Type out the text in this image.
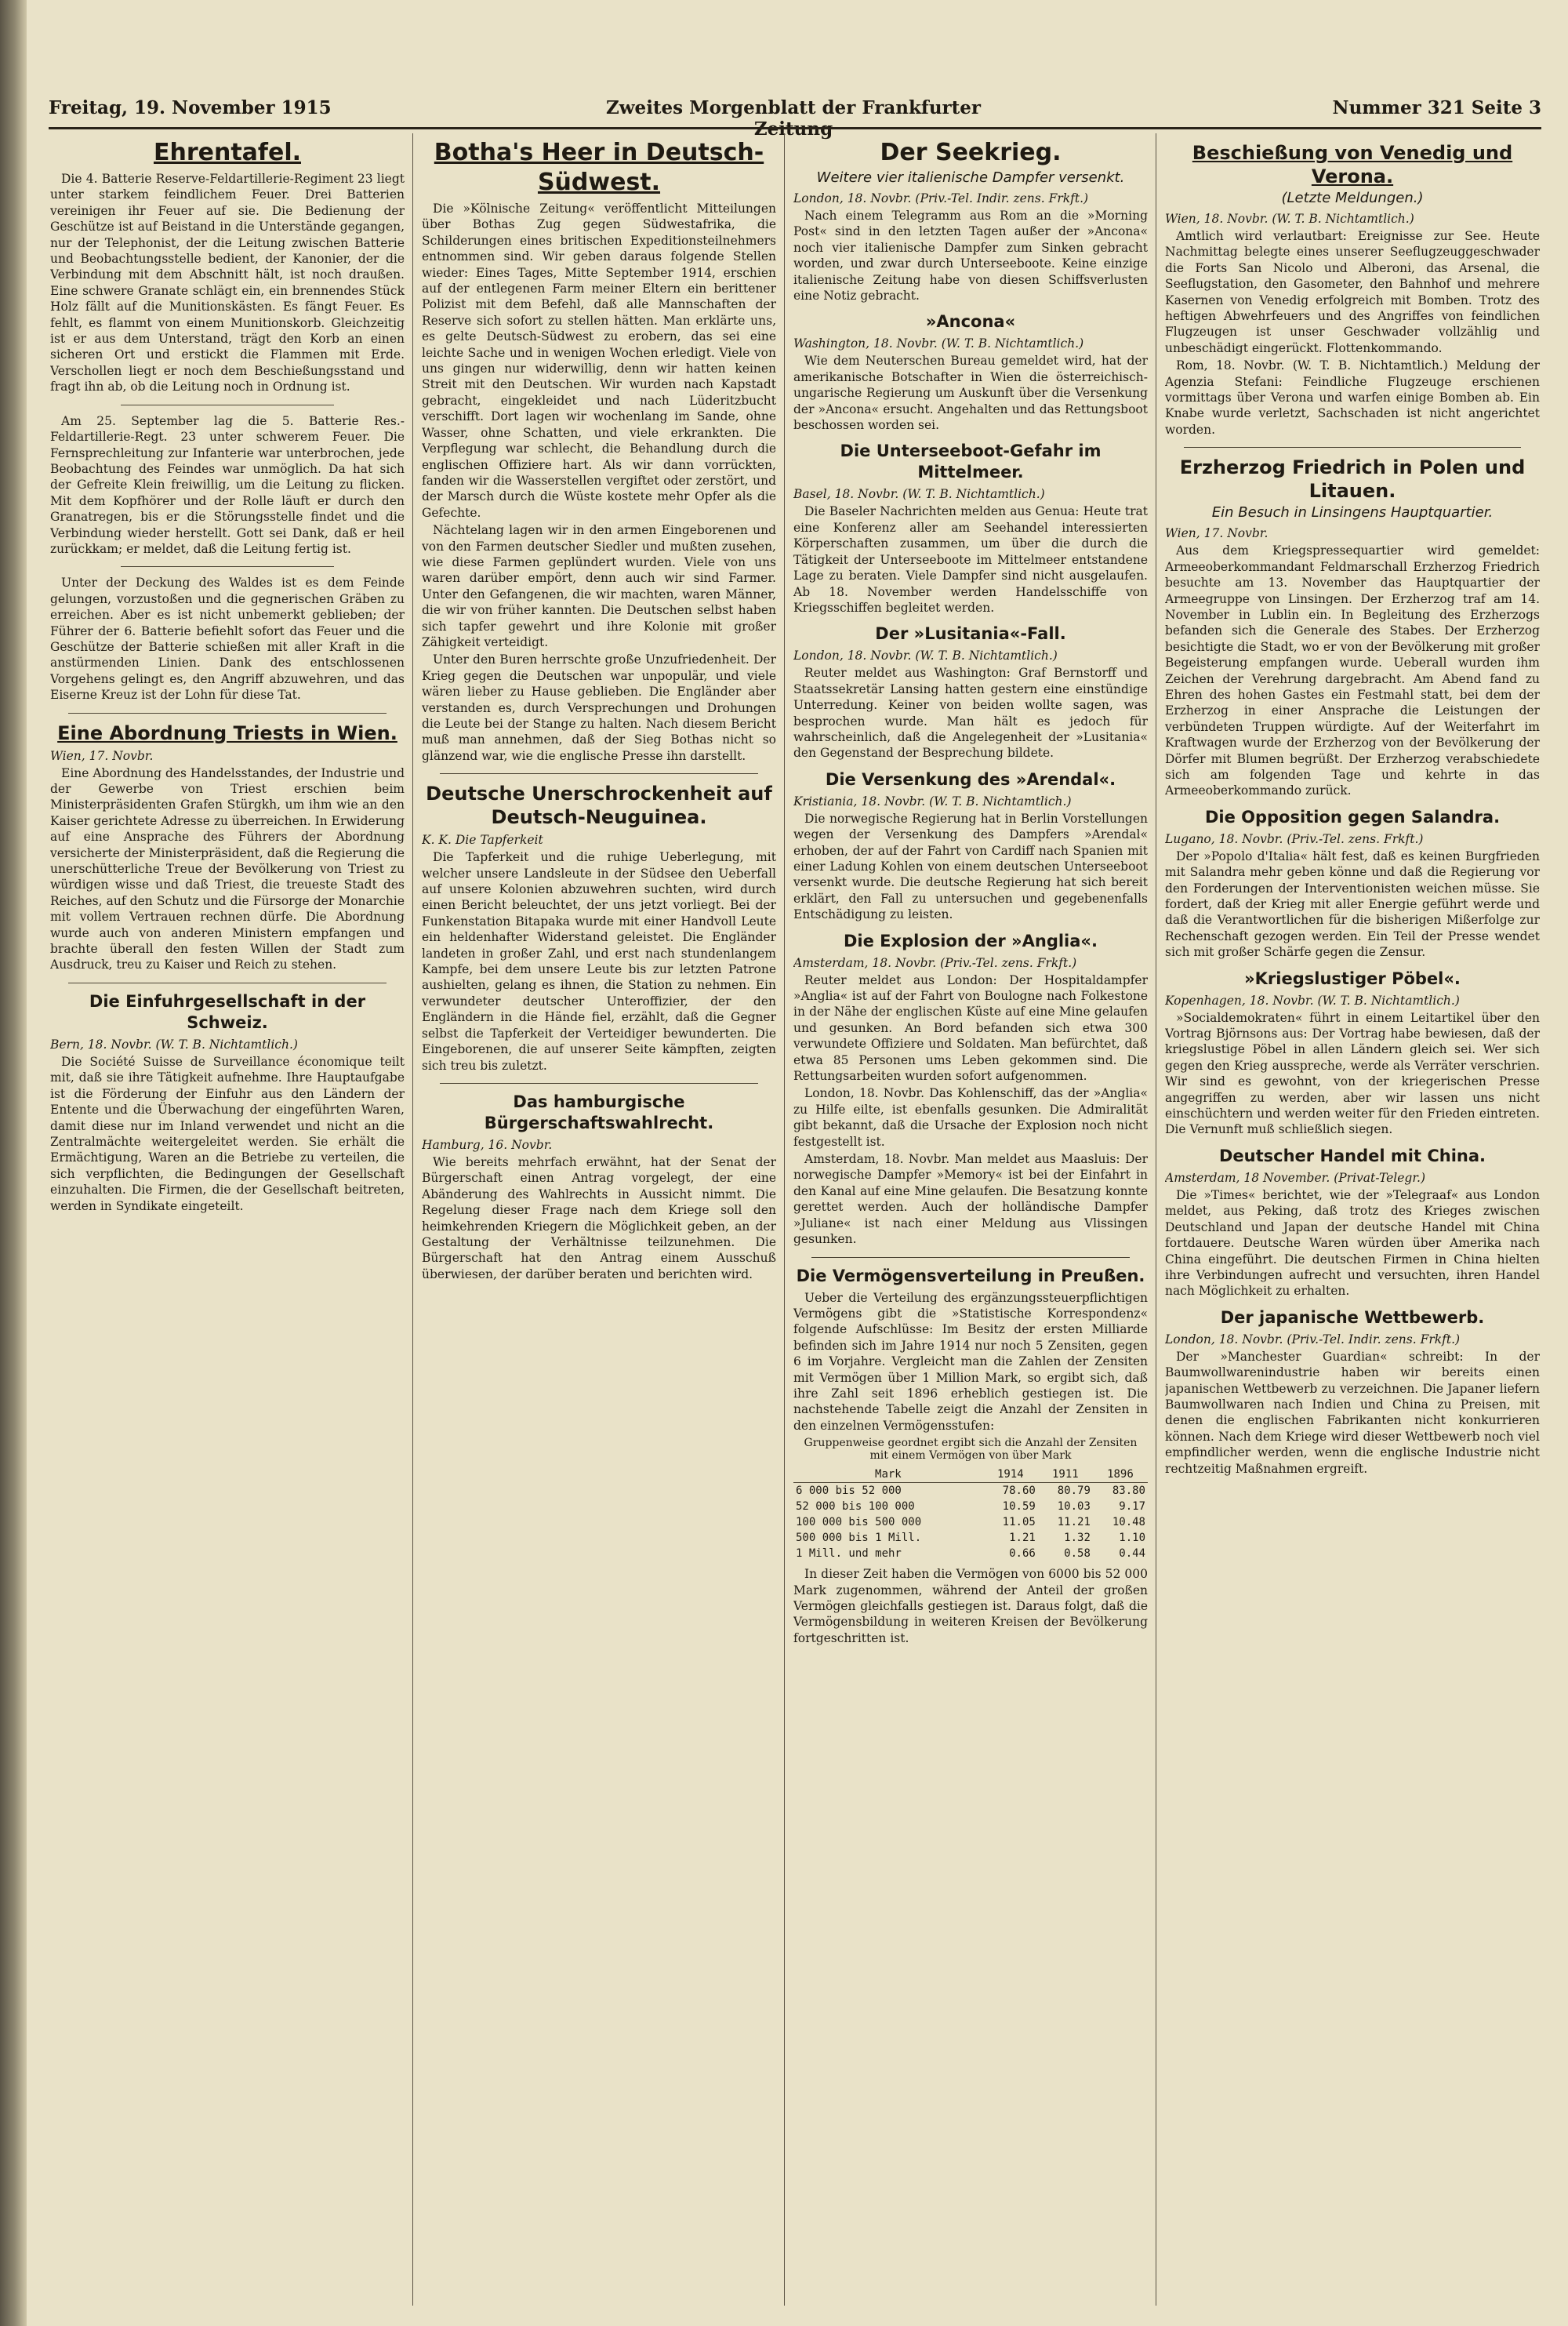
Freitag, 19. November 1915	Zweites Morgenblatt der Frankfurter	Nummer 321 Seite 3
Ehrentafel.

Die 4. Batterie Reserve-Feldartillerie-Regiment 23 liegt unter starkem feindlichem Feuer. Drei Batterien vereinigen ihr Feuer auf sie. Die Bedienung der Geschütze ist auf Beistand in die Unterstände gegangen, nur der Telephonist, der die Leitung zwischen Batterie und Beobachtungsstelle bedient, der Kanonier, der die Verbindung mit dem Abschnitt hält, ist noch draußen. Eine schwere Granate schlägt ein, ein brennendes Stück Holz fällt auf die Munitionskästen. Es fängt Feuer. Es fehlt, es flammt von einem Munitionskorb. Gleichzeitig ist er aus dem Unterstand, trägt den Korb an einen sicheren Ort und erstickt die Flammen mit Erde. Verschollen liegt er noch dem Beschießungsstand und fragt ihn ab, ob die Leitung noch in Ordnung ist.

Am 25. September lag die 5. Batterie Res.-Feldartillerie-Regt. 23 unter schwerem Feuer. Die Fernsprechleitung zur Infanterie war unterbrochen, jede Beobachtung des Feindes war unmöglich. Da hat sich der Gefreite Klein freiwillig, um die Leitung zu flicken. Mit dem Kopfhörer und der Rolle läuft er durch den Granatregen, bis er die Störungsstelle findet und die Verbindung wieder herstellt. Gott sei Dank, daß er heil zurückkam; er meldet, daß die Leitung fertig ist.

Unter der Deckung des Waldes ist es dem Feinde gelungen, vorzustoßen und die gegnerischen Gräben zu erreichen. Aber es ist nicht unbemerkt geblieben; der Führer der 6. Batterie befiehlt sofort das Feuer und die Geschütze der Batterie schießen mit aller Kraft in die anstürmenden Linien. Dank des entschlossenen Vorgehens gelingt es, den Angriff abzuwehren, und das Eiserne Kreuz ist der Lohn für diese Tat.

Eine Abordnung Triests in Wien.

Wien, 17. Novbr.

Eine Abordnung des Handelsstandes, der Industrie und der Gewerbe von Triest erschien beim Ministerpräsidenten Grafen Stürgkh, um ihm wie an den Kaiser gerichtete Adresse zu überreichen. In Erwiderung auf eine Ansprache des Führers der Abordnung versicherte der Ministerpräsident, daß die Regierung die unerschütterliche Treue der Bevölkerung von Triest zu würdigen wisse und daß Triest, die treueste Stadt des Reiches, auf den Schutz und die Fürsorge der Monarchie mit vollem Vertrauen rechnen dürfe. Die Abordnung wurde auch von anderen Ministern empfangen und brachte überall den festen Willen der Stadt zum Ausdruck, treu zu Kaiser und Reich zu stehen.

Die Einfuhrgesellschaft in der Schweiz.

Bern, 18. Novbr. (W. T. B. Nichtamtlich.)

Die Société Suisse de Surveillance économique teilt mit, daß sie ihre Tätigkeit aufnehme. Ihre Hauptaufgabe ist die Förderung der Einfuhr aus den Ländern der Entente und die Überwachung der eingeführten Waren, damit diese nur im Inland verwendet und nicht an die Zentralmächte weitergeleitet werden. Sie erhält die Ermächtigung, Waren an die Betriebe zu verteilen, die sich verpflichten, die Bedingungen der Gesellschaft einzuhalten. Die Firmen, die der Gesellschaft beitreten, werden in Syndikate eingeteilt.

Botha's Heer in Deutsch-Südwest.

Die »Kölnische Zeitung« veröffentlicht Mitteilungen über Bothas Zug gegen Südwestafrika, die Schilderungen eines britischen Expeditionsteilnehmers entnommen sind. Wir geben daraus folgende Stellen wieder: Eines Tages, Mitte September 1914, erschien auf der entlegenen Farm meiner Eltern ein berittener Polizist mit dem Befehl, daß alle Mannschaften der Reserve sich sofort zu stellen hätten. Man erklärte uns, es gelte Deutsch-Südwest zu erobern, das sei eine leichte Sache und in wenigen Wochen erledigt. Viele von uns gingen nur widerwillig, denn wir hatten keinen Streit mit den Deutschen. Wir wurden nach Kapstadt gebracht, eingekleidet und nach Lüderitzbucht verschifft. Dort lagen wir wochenlang im Sande, ohne Wasser, ohne Schatten, und viele erkrankten. Die Verpflegung war schlecht, die Behandlung durch die englischen Offiziere hart. Als wir dann vorrückten, fanden wir die Wasserstellen vergiftet oder zerstört, und der Marsch durch die Wüste kostete mehr Opfer als die Gefechte.

Nächtelang lagen wir in den armen Eingeborenen und von den Farmen deutscher Siedler und mußten zusehen, wie diese Farmen geplündert wurden. Viele von uns waren darüber empört, denn auch wir sind Farmer. Unter den Gefangenen, die wir machten, waren Männer, die wir von früher kannten. Die Deutschen selbst haben sich tapfer gewehrt und ihre Kolonie mit großer Zähigkeit verteidigt.

Unter den Buren herrschte große Unzufriedenheit. Der Krieg gegen die Deutschen war unpopulär, und viele wären lieber zu Hause geblieben. Die Engländer aber verstanden es, durch Versprechungen und Drohungen die Leute bei der Stange zu halten. Nach diesem Bericht muß man annehmen, daß der Sieg Bothas nicht so glänzend war, wie die englische Presse ihn darstellt.

Deutsche Unerschrockenheit auf Deutsch-Neuguinea.

K. K. Die Tapferkeit

Die Tapferkeit und die ruhige Ueberlegung, mit welcher unsere Landsleute in der Südsee den Ueberfall auf unsere Kolonien abzuwehren suchten, wird durch einen Bericht beleuchtet, der uns jetzt vorliegt. Bei der Funkenstation Bitapaka wurde mit einer Handvoll Leute ein heldenhafter Widerstand geleistet. Die Engländer landeten in großer Zahl, und erst nach stundenlangem Kampfe, bei dem unsere Leute bis zur letzten Patrone aushielten, gelang es ihnen, die Station zu nehmen. Ein verwundeter deutscher Unteroffizier, der den Engländern in die Hände fiel, erzählt, daß die Gegner selbst die Tapferkeit der Verteidiger bewunderten. Die Eingeborenen, die auf unserer Seite kämpften, zeigten sich treu bis zuletzt.

Das hamburgische Bürgerschaftswahlrecht.

Hamburg, 16. Novbr.

Wie bereits mehrfach erwähnt, hat der Senat der Bürgerschaft einen Antrag vorgelegt, der eine Abänderung des Wahlrechts in Aussicht nimmt. Die Regelung dieser Frage nach dem Kriege soll den heimkehrenden Kriegern die Möglichkeit geben, an der Gestaltung der Verhältnisse teilzunehmen. Die Bürgerschaft hat den Antrag einem Ausschuß überwiesen, der darüber beraten und berichten wird.

Der Seekrieg.
Weitere vier italienische Dampfer versenkt.

London, 18. Novbr. (Priv.-Tel. Indir. zens. Frkft.)

Nach einem Telegramm aus Rom an die »Morning Post« sind in den letzten Tagen außer der »Ancona« noch vier italienische Dampfer zum Sinken gebracht worden, und zwar durch Unterseeboote. Keine einzige italienische Zeitung habe von diesen Schiffsverlusten eine Notiz gebracht.

»Ancona«

Washington, 18. Novbr. (W. T. B. Nichtamtlich.)

Wie dem Neuterschen Bureau gemeldet wird, hat der amerikanische Botschafter in Wien die österreichisch-ungarische Regierung um Auskunft über die Versenkung der »Ancona« ersucht. Angehalten und das Rettungsboot beschossen worden sei.

Die Unterseeboot-Gefahr im Mittelmeer.

Basel, 18. Novbr. (W. T. B. Nichtamtlich.)

Die Baseler Nachrichten melden aus Genua: Heute trat eine Konferenz aller am Seehandel interessierten Körperschaften zusammen, um über die durch die Tätigkeit der Unterseeboote im Mittelmeer entstandene Lage zu beraten. Viele Dampfer sind nicht ausgelaufen. Ab 18. November werden Handelsschiffe von Kriegsschiffen begleitet werden.

Der »Lusitania«-Fall.

London, 18. Novbr. (W. T. B. Nichtamtlich.)

Reuter meldet aus Washington: Graf Bernstorff und Staatssekretär Lansing hatten gestern eine einstündige Unterredung. Keiner von beiden wollte sagen, was besprochen wurde. Man hält es jedoch für wahrscheinlich, daß die Angelegenheit der »Lusitania« den Gegenstand der Besprechung bildete.

Die Versenkung des »Arendal«.

Kristiania, 18. Novbr. (W. T. B. Nichtamtlich.)

Die norwegische Regierung hat in Berlin Vorstellungen wegen der Versenkung des Dampfers »Arendal« erhoben, der auf der Fahrt von Cardiff nach Spanien mit einer Ladung Kohlen von einem deutschen Unterseeboot versenkt wurde. Die deutsche Regierung hat sich bereit erklärt, den Fall zu untersuchen und gegebenenfalls Entschädigung zu leisten.

Die Explosion der »Anglia«.

Amsterdam, 18. Novbr. (Priv.-Tel. zens. Frkft.)

Reuter meldet aus London: Der Hospitaldampfer »Anglia« ist auf der Fahrt von Boulogne nach Folkestone in der Nähe der englischen Küste auf eine Mine gelaufen und gesunken. An Bord befanden sich etwa 300 verwundete Offiziere und Soldaten. Man befürchtet, daß etwa 85 Personen ums Leben gekommen sind. Die Rettungsarbeiten wurden sofort aufgenommen.

London, 18. Novbr. Das Kohlenschiff, das der »Anglia« zu Hilfe eilte, ist ebenfalls gesunken. Die Admiralität gibt bekannt, daß die Ursache der Explosion noch nicht festgestellt ist.

Amsterdam, 18. Novbr. Man meldet aus Maasluis: Der norwegische Dampfer »Memory« ist bei der Einfahrt in den Kanal auf eine Mine gelaufen. Die Besatzung konnte gerettet werden. Auch der holländische Dampfer »Juliane« ist nach einer Meldung aus Vlissingen gesunken.

Die Vermögensverteilung in Preußen.

Ueber die Verteilung des ergänzungssteuerpflichtigen Vermögens gibt die »Statistische Korrespondenz« folgende Aufschlüsse: Im Besitz der ersten Milliarde befinden sich im Jahre 1914 nur noch 5 Zensiten, gegen 6 im Vorjahre. Vergleicht man die Zahlen der Zensiten mit Vermögen über 1 Million Mark, so ergibt sich, daß ihre Zahl seit 1896 erheblich gestiegen ist. Die nachstehende Tabelle zeigt die Anzahl der Zensiten in den einzelnen Vermögensstufen:

Gruppenweise geordnet ergibt sich die Anzahl der Zensiten mit einem Vermögen von über Mark

Mark	1914	1911	1896
6 000 bis 52 000	78.60	80.79	83.80
52 000 bis 100 000	10.59	10.03	9.17
100 000 bis 500 000	11.05	11.21	10.48
500 000 bis 1 Mill.	1.21	1.32	1.10
1 Mill. und mehr	0.66	0.58	0.44

In dieser Zeit haben die Vermögen von 6000 bis 52 000 Mark zugenommen, während der Anteil der großen Vermögen gleichfalls gestiegen ist. Daraus folgt, daß die Vermögensbildung in weiteren Kreisen der Bevölkerung fortgeschritten ist.

Beschießung von Venedig und Verona.
(Letzte Meldungen.)

Wien, 18. Novbr. (W. T. B. Nichtamtlich.)

Amtlich wird verlautbart: Ereignisse zur See. Heute Nachmittag belegte eines unserer Seeflugzeuggeschwader die Forts San Nicolo und Alberoni, das Arsenal, die Seeflugstation, den Gasometer, den Bahnhof und mehrere Kasernen von Venedig erfolgreich mit Bomben. Trotz des heftigen Abwehrfeuers und des Angriffes von feindlichen Flugzeugen ist unser Geschwader vollzählig und unbeschädigt eingerückt. Flottenkommando.

Rom, 18. Novbr. (W. T. B. Nichtamtlich.) Meldung der Agenzia Stefani: Feindliche Flugzeuge erschienen vormittags über Verona und warfen einige Bomben ab. Ein Knabe wurde verletzt, Sachschaden ist nicht angerichtet worden.

Erzherzog Friedrich in Polen und Litauen.
Ein Besuch in Linsingens Hauptquartier.

Wien, 17. Novbr.

Aus dem Kriegspressequartier wird gemeldet: Armeeoberkommandant Feldmarschall Erzherzog Friedrich besuchte am 13. November das Hauptquartier der Armeegruppe von Linsingen. Der Erzherzog traf am 14. November in Lublin ein. In Begleitung des Erzherzogs befanden sich die Generale des Stabes. Der Erzherzog besichtigte die Stadt, wo er von der Bevölkerung mit großer Begeisterung empfangen wurde. Ueberall wurden ihm Zeichen der Verehrung dargebracht. Am Abend fand zu Ehren des hohen Gastes ein Festmahl statt, bei dem der Erzherzog in einer Ansprache die Leistungen der verbündeten Truppen würdigte. Auf der Weiterfahrt im Kraftwagen wurde der Erzherzog von der Bevölkerung der Dörfer mit Blumen begrüßt. Der Erzherzog verabschiedete sich am folgenden Tage und kehrte in das Armeeoberkommando zurück.

Die Opposition gegen Salandra.

Lugano, 18. Novbr. (Priv.-Tel. zens. Frkft.)

Der »Popolo d'Italia« hält fest, daß es keinen Burgfrieden mit Salandra mehr geben könne und daß die Regierung vor den Forderungen der Interventionisten weichen müsse. Sie fordert, daß der Krieg mit aller Energie geführt werde und daß die Verantwortlichen für die bisherigen Mißerfolge zur Rechenschaft gezogen werden. Ein Teil der Presse wendet sich mit großer Schärfe gegen die Zensur.

»Kriegslustiger Pöbel«.

Kopenhagen, 18. Novbr. (W. T. B. Nichtamtlich.)

»Socialdemokraten« führt in einem Leitartikel über den Vortrag Björnsons aus: Der Vortrag habe bewiesen, daß der kriegslustige Pöbel in allen Ländern gleich sei. Wer sich gegen den Krieg ausspreche, werde als Verräter verschrien. Wir sind es gewohnt, von der kriegerischen Presse angegriffen zu werden, aber wir lassen uns nicht einschüchtern und werden weiter für den Frieden eintreten. Die Vernunft muß schließlich siegen.

Deutscher Handel mit China.

Amsterdam, 18 November. (Privat-Telegr.)

Die »Times« berichtet, wie der »Telegraaf« aus London meldet, aus Peking, daß trotz des Krieges zwischen Deutschland und Japan der deutsche Handel mit China fortdauere. Deutsche Waren würden über Amerika nach China eingeführt. Die deutschen Firmen in China hielten ihre Verbindungen aufrecht und versuchten, ihren Handel nach Möglichkeit zu erhalten.

Der japanische Wettbewerb.

London, 18. Novbr. (Priv.-Tel. Indir. zens. Frkft.)

Der »Manchester Guardian« schreibt: In der Baumwollwarenindustrie haben wir bereits einen japanischen Wettbewerb zu verzeichnen. Die Japaner liefern Baumwollwaren nach Indien und China zu Preisen, mit denen die englischen Fabrikanten nicht konkurrieren können. Nach dem Kriege wird dieser Wettbewerb noch viel empfindlicher werden, wenn die englische Industrie nicht rechtzeitig Maßnahmen ergreift.
